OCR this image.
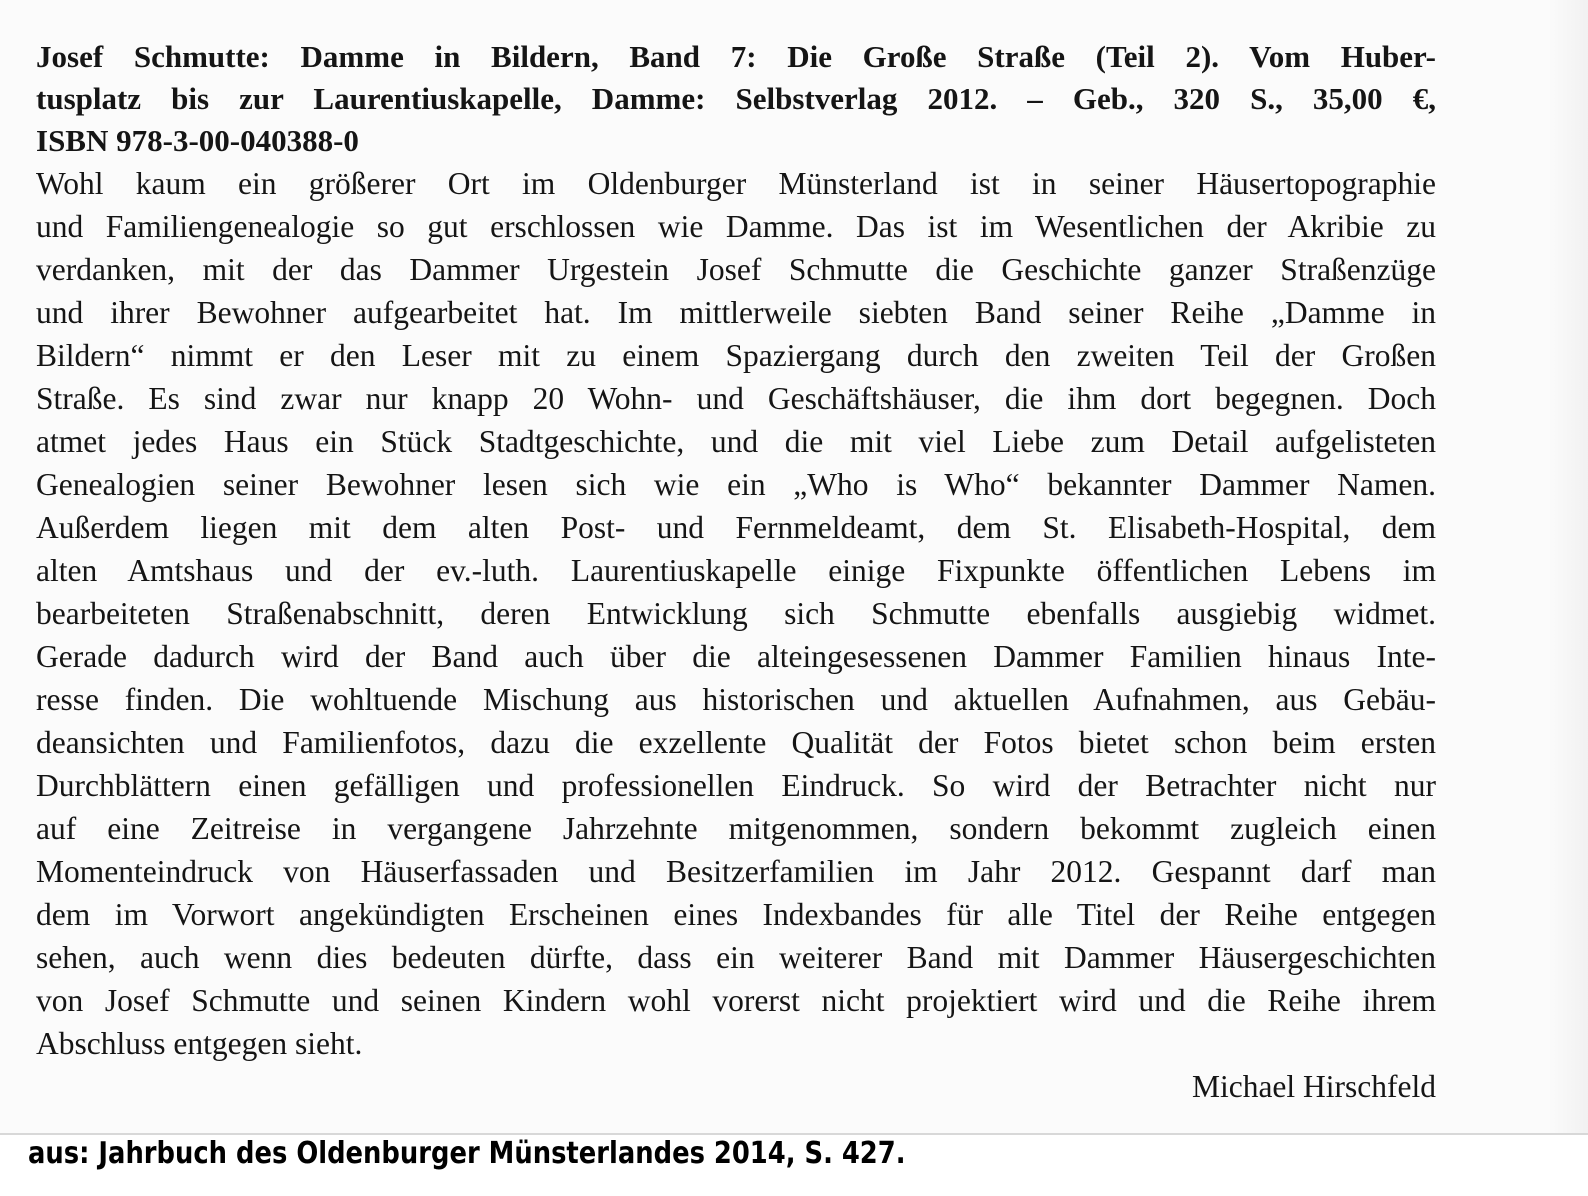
Josef Schmutte: Damme in Bildern, Band 7: Die Große Straße (Teil 2). Vom Huber-
tusplatz bis zur Laurentiuskapelle, Damme: Selbstverlag 2012. – Geb., 320 S., 35,00 €,
ISBN 978-3-00-040388-0
Wohl kaum ein größerer Ort im Oldenburger Münsterland ist in seiner Häusertopographie
und Familiengenealogie so gut erschlossen wie Damme. Das ist im Wesentlichen der Akribie zu
verdanken, mit der das Dammer Urgestein Josef Schmutte die Geschichte ganzer Straßenzüge
und ihrer Bewohner aufgearbeitet hat. Im mittlerweile siebten Band seiner Reihe „Damme in
Bildern“ nimmt er den Leser mit zu einem Spaziergang durch den zweiten Teil der Großen
Straße. Es sind zwar nur knapp 20 Wohn- und Geschäftshäuser, die ihm dort begegnen. Doch
atmet jedes Haus ein Stück Stadtgeschichte, und die mit viel Liebe zum Detail aufgelisteten
Genealogien seiner Bewohner lesen sich wie ein „Who is Who“ bekannter Dammer Namen.
Außerdem liegen mit dem alten Post- und Fernmeldeamt, dem St. Elisabeth-Hospital, dem
alten Amtshaus und der ev.-luth. Laurentiuskapelle einige Fixpunkte öffentlichen Lebens im
bearbeiteten Straßenabschnitt, deren Entwicklung sich Schmutte ebenfalls ausgiebig widmet.
Gerade dadurch wird der Band auch über die alteingesessenen Dammer Familien hinaus Inte-
resse finden. Die wohltuende Mischung aus historischen und aktuellen Aufnahmen, aus Gebäu-
deansichten und Familienfotos, dazu die exzellente Qualität der Fotos bietet schon beim ersten
Durchblättern einen gefälligen und professionellen Eindruck. So wird der Betrachter nicht nur
auf eine Zeitreise in vergangene Jahrzehnte mitgenommen, sondern bekommt zugleich einen
Momenteindruck von Häuserfassaden und Besitzerfamilien im Jahr 2012. Gespannt darf man
dem im Vorwort angekündigten Erscheinen eines Indexbandes für alle Titel der Reihe entgegen
sehen, auch wenn dies bedeuten dürfte, dass ein weiterer Band mit Dammer Häusergeschichten
von Josef Schmutte und seinen Kindern wohl vorerst nicht projektiert wird und die Reihe ihrem
Abschluss entgegen sieht.
Michael Hirschfeld
aus: Jahrbuch des Oldenburger Münsterlandes 2014, S. 427.
